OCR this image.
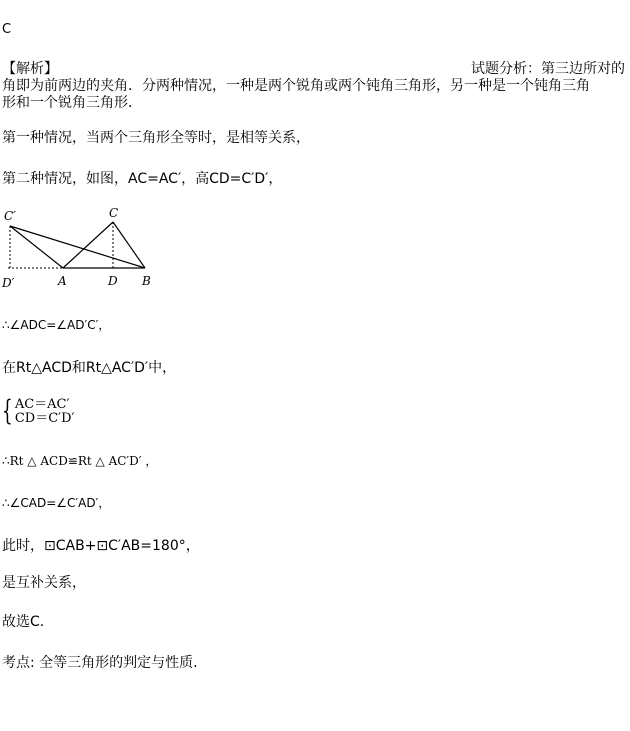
C
【解析】	试题分析：第三边所对的
角即为前两边的夹角．分两种情况，一种是两个锐角或两个钝角三角形，另一种是一个钝角三角
形和一个锐角三角形．
第一种情况，当两个三角形全等时，是相等关系，
第二种情况，如图，AC=AC′，高CD=C′D′，
C′	C
D′	A	D B
∴∠ADC=∠AD′C′，
在Rt△ACD和Rt△AC′D′中，
{ AC＝AC′
CD＝C′D′
∴Rt △ ACD≌Rt △ AC′D′ ，
∴∠CAD=∠C′AD′，
此时，⊡CAB+⊡C′AB=180°，
是互补关系，
故选C.
考点: 全等三角形的判定与性质.
